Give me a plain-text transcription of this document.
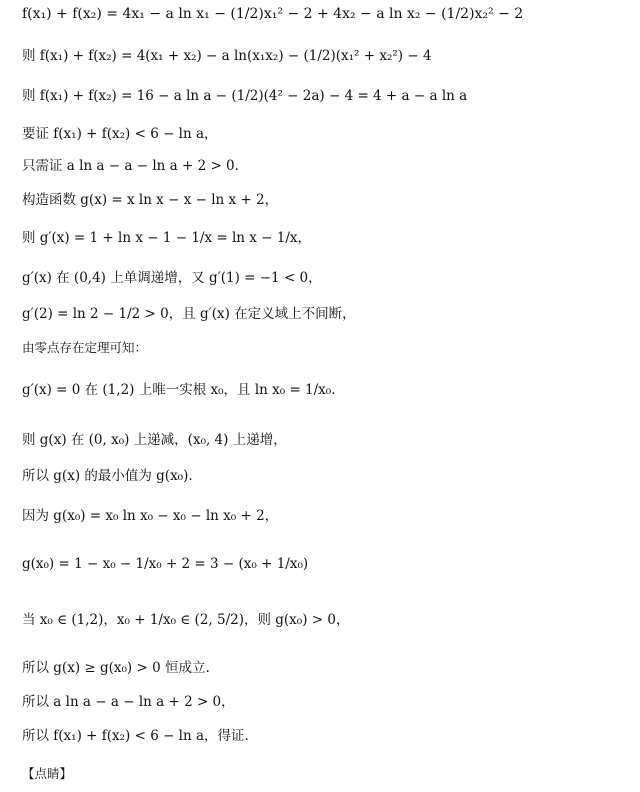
f(x₁) + f(x₂) = 4x₁ − a ln x₁ − (1/2)x₁² − 2 + 4x₂ − a ln x₂ − (1/2)x₂² − 2
则 f(x₁) + f(x₂) = 4(x₁ + x₂) − a ln(x₁x₂) − (1/2)(x₁² + x₂²) − 4
则 f(x₁) + f(x₂) = 16 − a ln a − (1/2)(4² − 2a) − 4 = 4 + a − a ln a
要证 f(x₁) + f(x₂) < 6 − ln a，
只需证 a ln a − a − ln a + 2 > 0.
构造函数 g(x) = x ln x − x − ln x + 2，
则 g′(x) = 1 + ln x − 1 − 1/x = ln x − 1/x，
g′(x) 在 (0,4) 上单调递增，又 g′(1) = −1 < 0，
g′(2) = ln 2 − 1/2 > 0，且 g′(x) 在定义域上不间断，
由零点存在定理可知：
g′(x) = 0 在 (1,2) 上唯一实根 x₀，且 ln x₀ = 1/x₀.
则 g(x) 在 (0, x₀) 上递减，(x₀, 4) 上递增，
所以 g(x) 的最小值为 g(x₀).
因为 g(x₀) = x₀ ln x₀ − x₀ − ln x₀ + 2，
g(x₀) = 1 − x₀ − 1/x₀ + 2 = 3 − (x₀ + 1/x₀)
当 x₀ ∈ (1,2)，x₀ + 1/x₀ ∈ (2, 5/2)，则 g(x₀) > 0，
所以 g(x) ≥ g(x₀) > 0 恒成立.
所以 a ln a − a − ln a + 2 > 0，
所以 f(x₁) + f(x₂) < 6 − ln a，得证.
【点睛】
